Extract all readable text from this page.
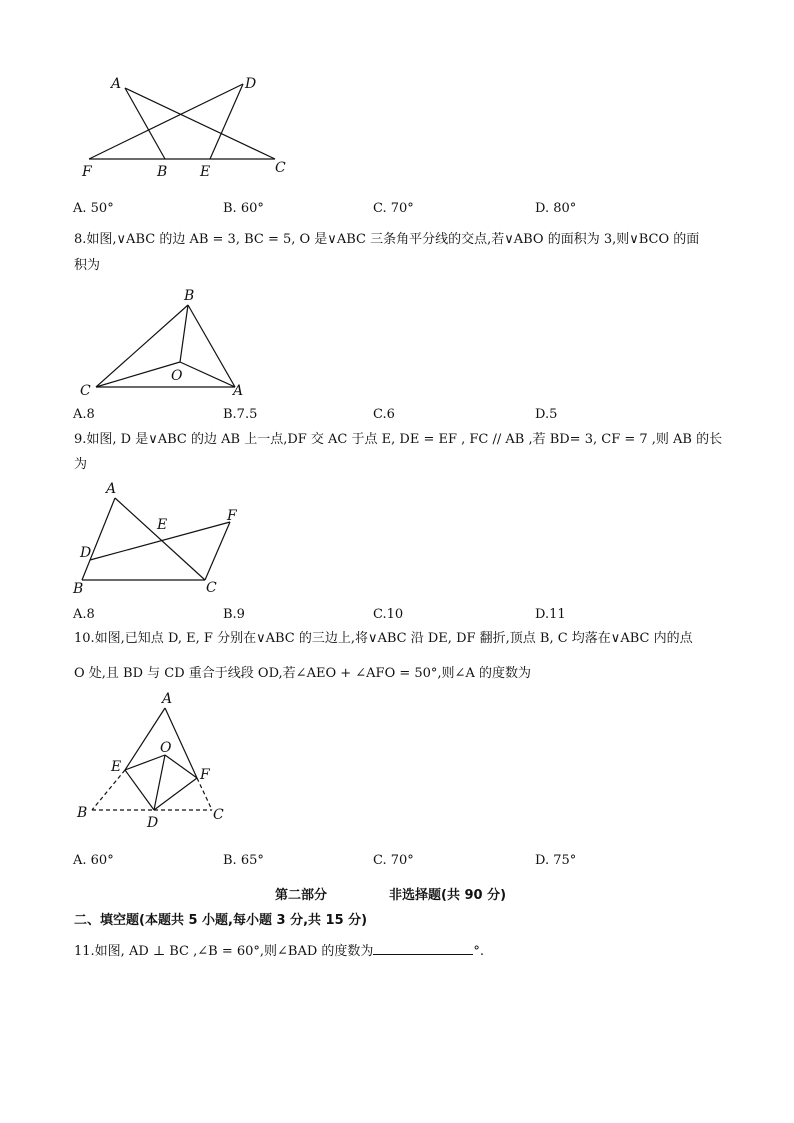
A	D
F	B E	C
A. 50°	B. 60°	C. 70°	D. 80°
8.如图,∨ABC 的边 AB = 3, BC = 5, O 是∨ABC 三条角平分线的交点,若∨ABO 的面积为 3,则∨BCO 的面
积为
B
C
O
A
A.8	B.7.5	C.6	D.5
9.如图, D 是∨ABC 的边 AB 上一点,DF 交 AC 于点 E, DE = EF , FC // AB ,若 BD= 3, CF = 7 ,则 AB 的长
为
A
E
F
D
B	C
A.8	B.9	C.10	D.11
10.如图,已知点 D, E, F 分别在∨ABC 的三边上,将∨ABC 沿 DE, DF 翻折,顶点 B, C 均落在∨ABC 内的点
O 处,且 BD 与 CD 重合于线段 OD,若∠AEO + ∠AFO = 50°,则∠A 的度数为
A
O
E	F
B	C
D
A. 60°	B. 65°	C. 70°	D. 75°
第二部分	非选择题(共 90 分)
二、填空题(本题共 5 小题,每小题 3 分,共 15 分)
11.如图, AD ⊥ BC ,∠B = 60°,则∠BAD 的度数为	°.
